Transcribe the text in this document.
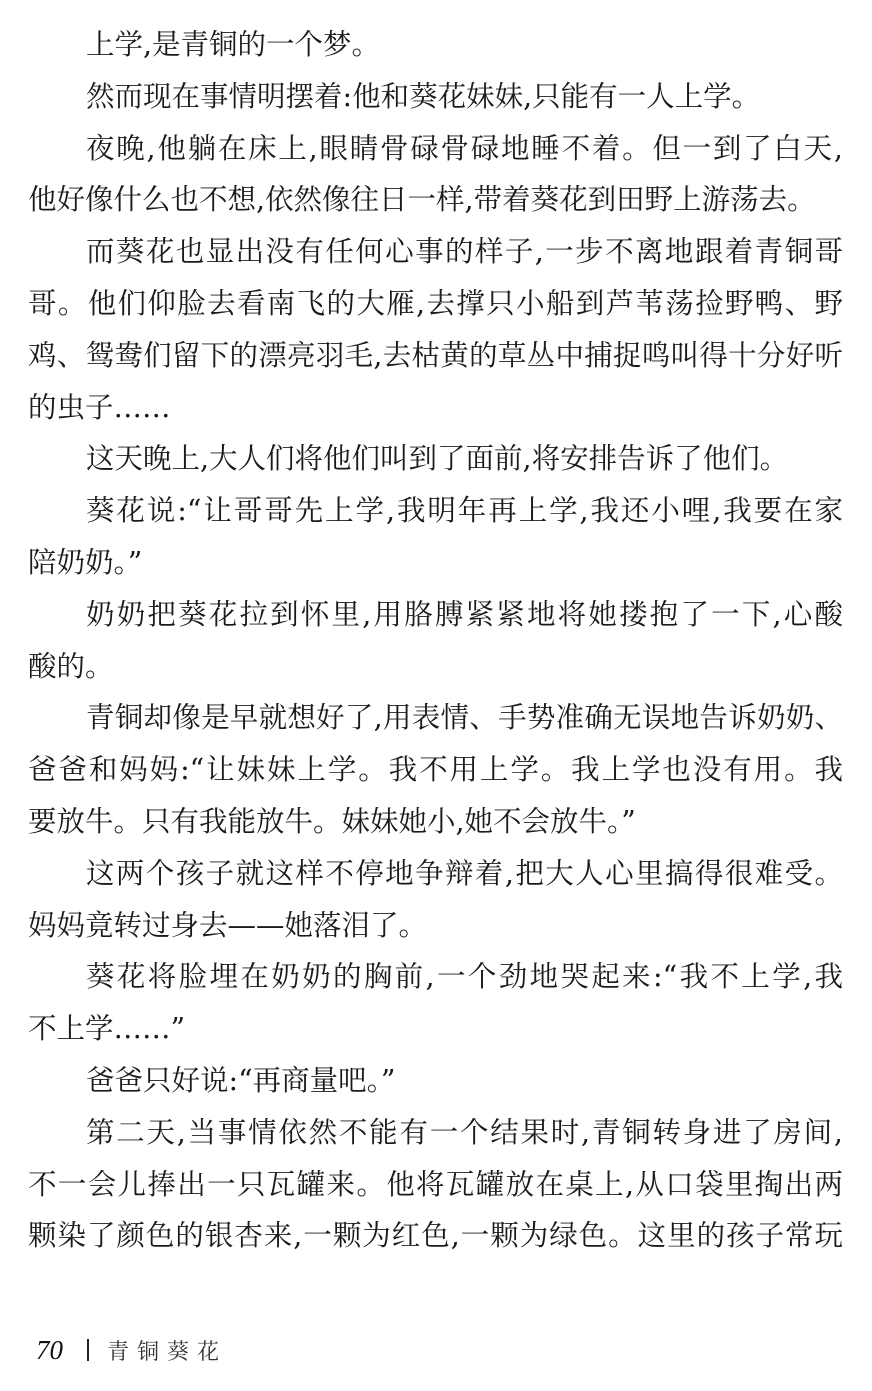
上学,是青铜的一个梦。
然而现在事情明摆着:他和葵花妹妹,只能有一人上学。
夜晚,他躺在床上,眼睛骨碌骨碌地睡不着。但一到了白天,
他好像什么也不想,依然像往日一样,带着葵花到田野上游荡去。
而葵花也显出没有任何心事的样子,一步不离地跟着青铜哥
哥。他们仰脸去看南飞的大雁,去撑只小船到芦苇荡捡野鸭、野
鸡、鸳鸯们留下的漂亮羽毛,去枯黄的草丛中捕捉鸣叫得十分好听
的虫子……
这天晚上,大人们将他们叫到了面前,将安排告诉了他们。
葵花说:“让哥哥先上学,我明年再上学,我还小哩,我要在家
陪奶奶。”
奶奶把葵花拉到怀里,用胳膊紧紧地将她搂抱了一下,心酸
酸的。
青铜却像是早就想好了,用表情、手势准确无误地告诉奶奶、
爸爸和妈妈:“让妹妹上学。我不用上学。我上学也没有用。我
要放牛。只有我能放牛。妹妹她小,她不会放牛。”
这两个孩子就这样不停地争辩着,把大人心里搞得很难受。
妈妈竟转过身去——她落泪了。
葵花将脸埋在奶奶的胸前,一个劲地哭起来:“我不上学,我
不上学……”
爸爸只好说:“再商量吧。”
第二天,当事情依然不能有一个结果时,青铜转身进了房间,
不一会儿捧出一只瓦罐来。他将瓦罐放在桌上,从口袋里掏出两
颗染了颜色的银杏来,一颗为红色,一颗为绿色。这里的孩子常玩
70 青铜葵花
